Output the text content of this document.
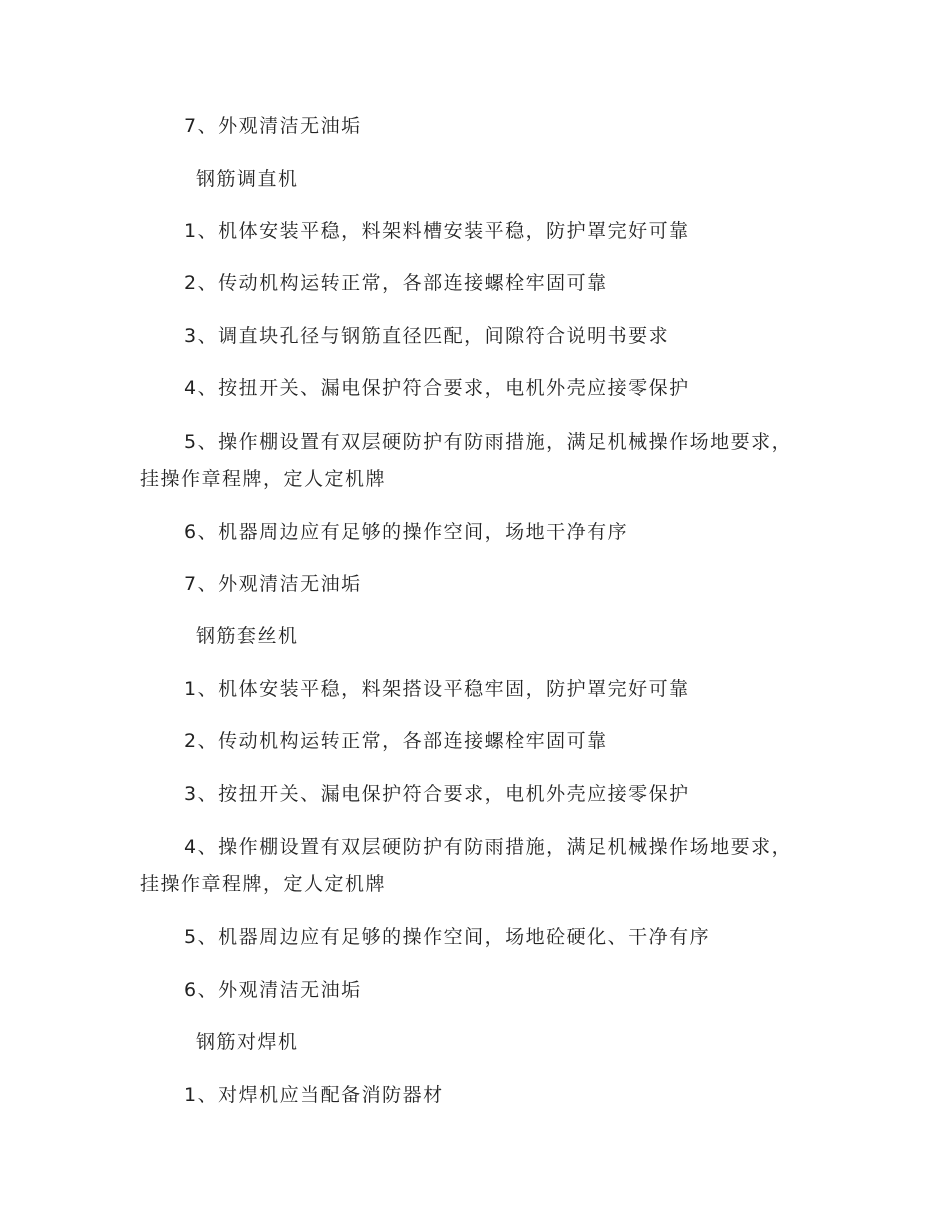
7、外观清洁无油垢

钢筋调直机

1、机体安装平稳，料架料槽安装平稳，防护罩完好可靠

2、传动机构运转正常，各部连接螺栓牢固可靠

3、调直块孔径与钢筋直径匹配，间隙符合说明书要求

4、按扭开关、漏电保护符合要求，电机外壳应接零保护

5、操作棚设置有双层硬防护有防雨措施，满足机械操作场地要求，挂操作章程牌，定人定机牌

6、机器周边应有足够的操作空间，场地干净有序

7、外观清洁无油垢

钢筋套丝机

1、机体安装平稳，料架搭设平稳牢固，防护罩完好可靠

2、传动机构运转正常，各部连接螺栓牢固可靠

3、按扭开关、漏电保护符合要求，电机外壳应接零保护

4、操作棚设置有双层硬防护有防雨措施，满足机械操作场地要求，挂操作章程牌，定人定机牌

5、机器周边应有足够的操作空间，场地砼硬化、干净有序

6、外观清洁无油垢

钢筋对焊机

1、对焊机应当配备消防器材
